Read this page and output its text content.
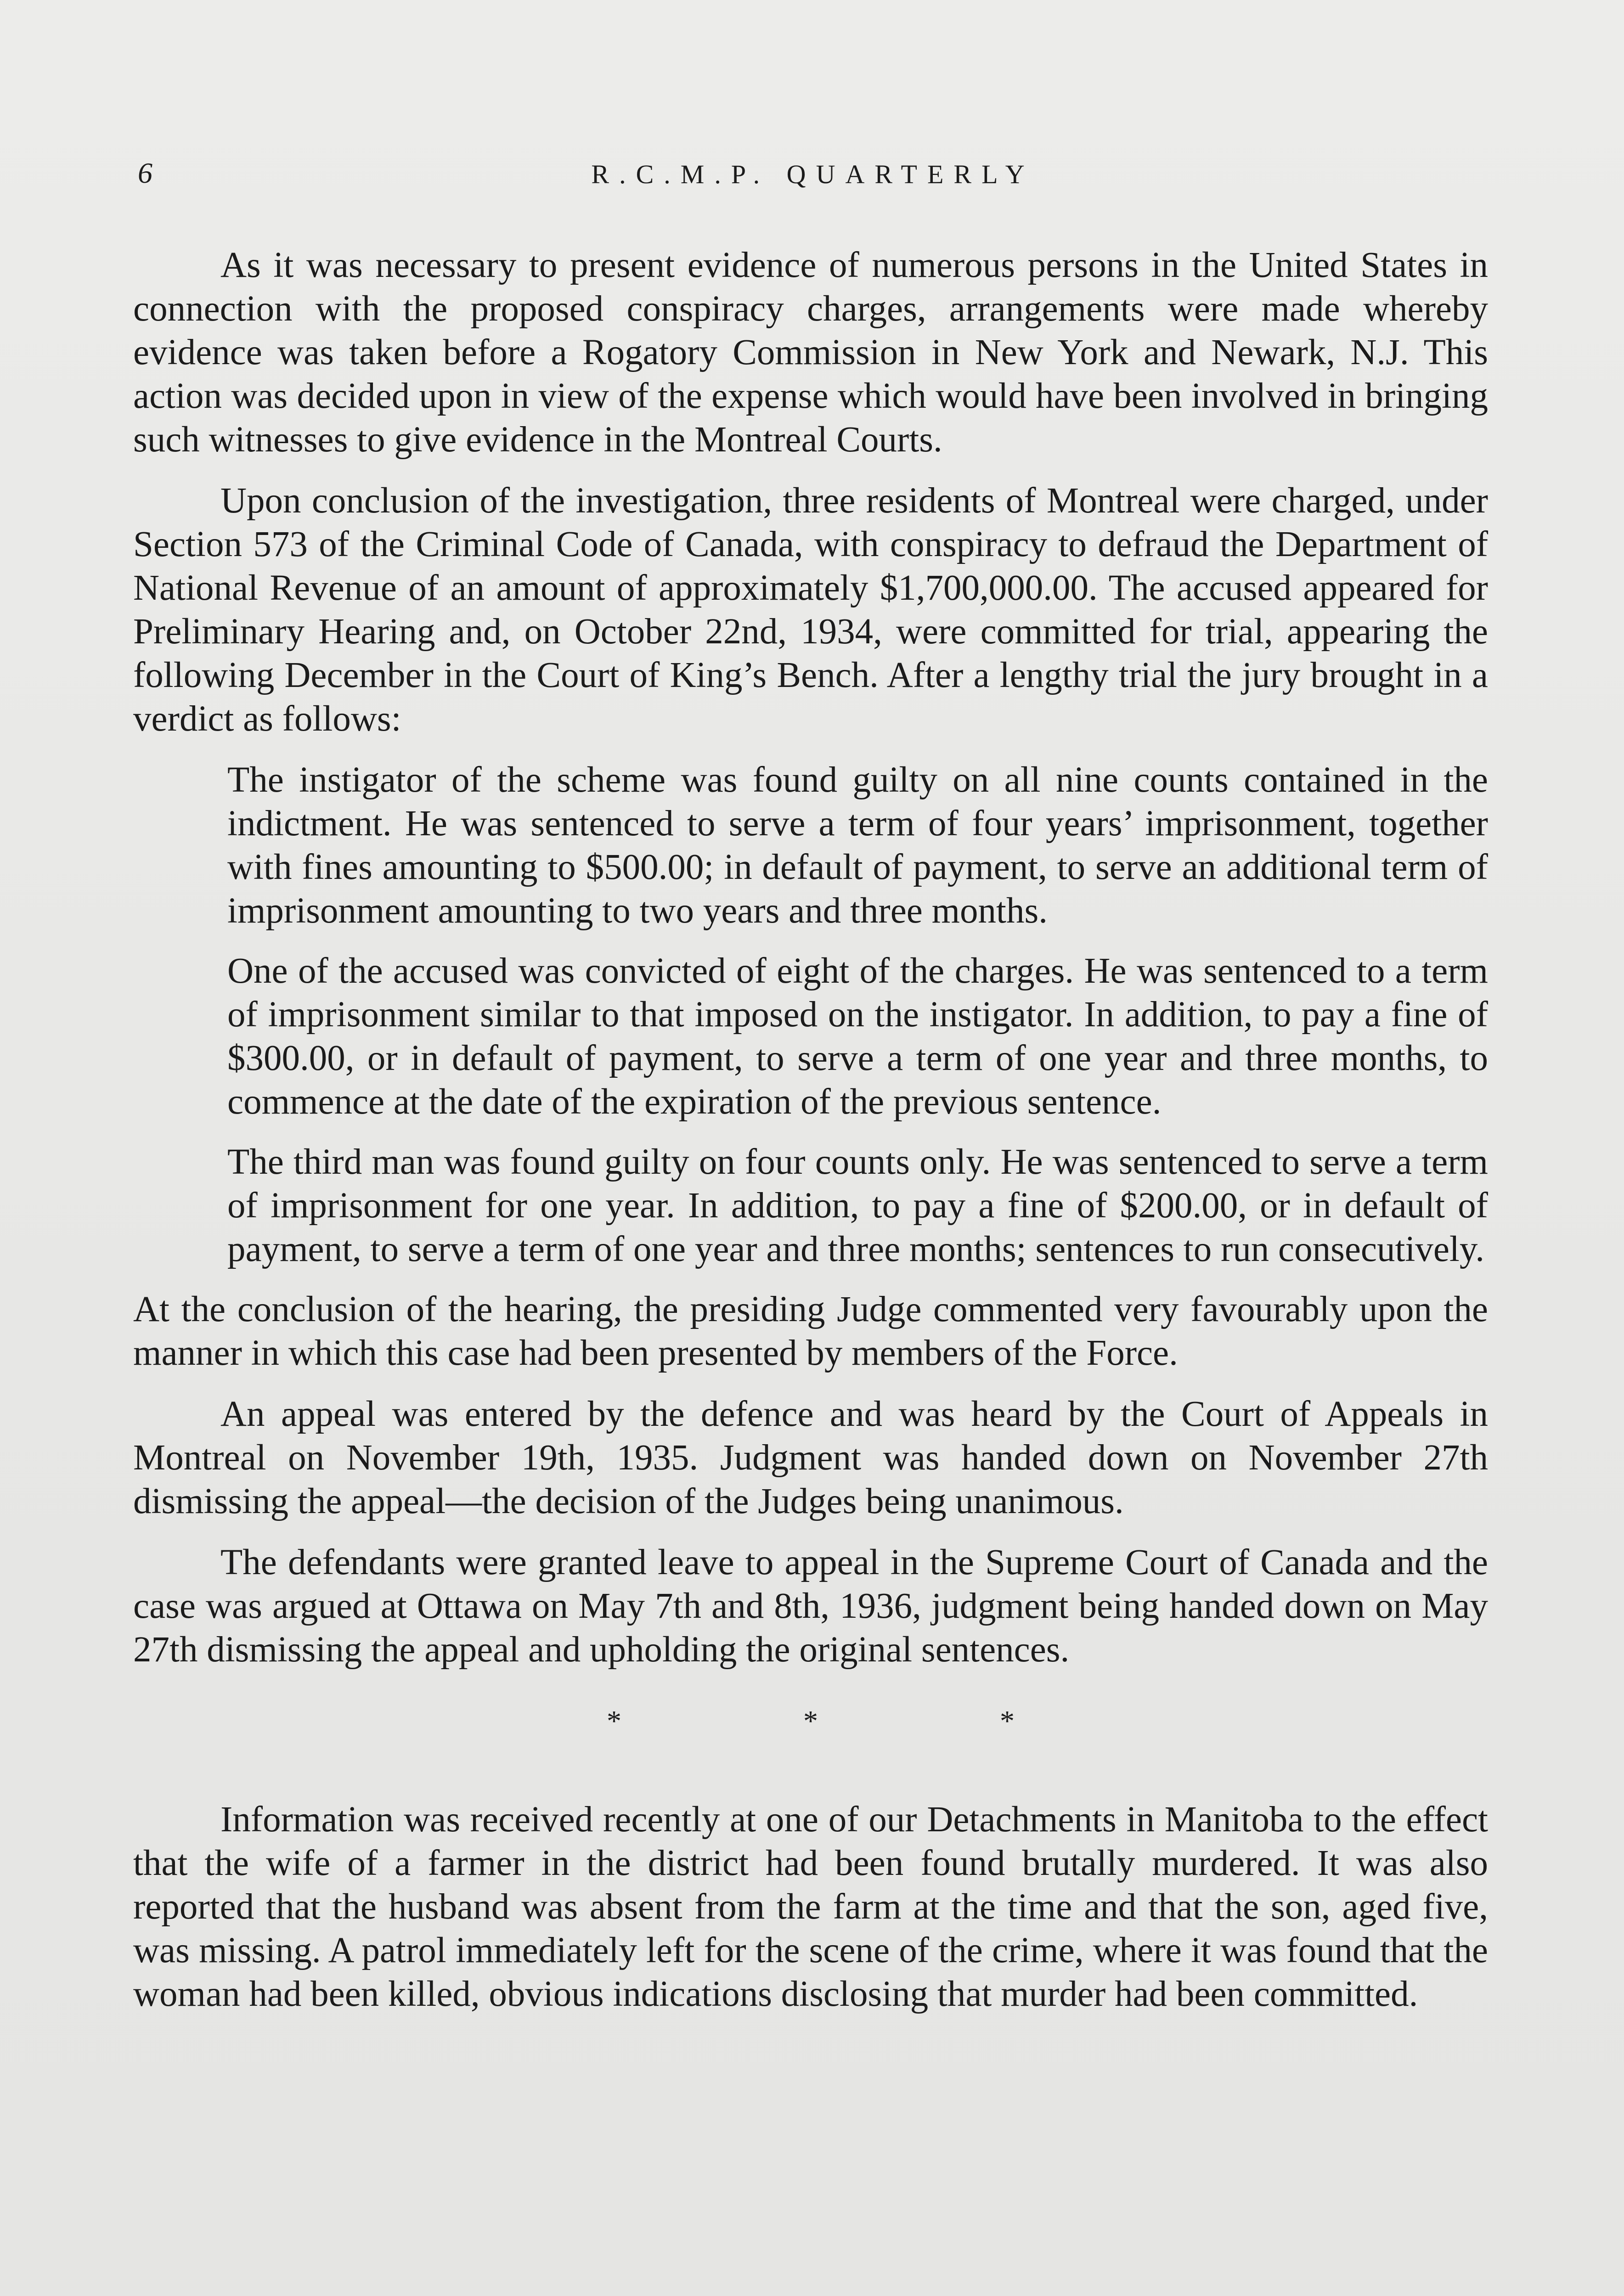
6	R.C.M.P. QUARTERLY

As it was necessary to present evidence of numerous persons in the United States in connection with the proposed conspiracy charges, arrangements were made whereby evidence was taken before a Rogatory Commission in New York and Newark, N.J. This action was decided upon in view of the expense which would have been involved in bringing such witnesses to give evidence in the Montreal Courts.

Upon conclusion of the investigation, three residents of Montreal were charged, under Section 573 of the Criminal Code of Canada, with conspiracy to defraud the Department of National Revenue of an amount of approximately $1,700,000.00. The accused appeared for Preliminary Hearing and, on October 22nd, 1934, were committed for trial, appearing the following December in the Court of King’s Bench. After a lengthy trial the jury brought in a verdict as follows:

The instigator of the scheme was found guilty on all nine counts contained in the indictment. He was sentenced to serve a term of four years’ imprisonment, together with fines amounting to $500.00; in default of payment, to serve an additional term of imprisonment amounting to two years and three months.

One of the accused was convicted of eight of the charges. He was sentenced to a term of imprisonment similar to that imposed on the instigator. In addition, to pay a fine of $300.00, or in default of payment, to serve a term of one year and three months, to commence at the date of the expiration of the previous sentence.

The third man was found guilty on four counts only. He was sentenced to serve a term of imprisonment for one year. In addition, to pay a fine of $200.00, or in default of payment, to serve a term of one year and three months; sentences to run consecutively.

At the conclusion of the hearing, the presiding Judge commented very favourably upon the manner in which this case had been presented by members of the Force.

An appeal was entered by the defence and was heard by the Court of Appeals in Montreal on November 19th, 1935. Judgment was handed down on November 27th dismissing the appeal—the decision of the Judges being unanimous.

The defendants were granted leave to appeal in the Supreme Court of Canada and the case was argued at Ottawa on May 7th and 8th, 1936, judgment being handed down on May 27th dismissing the appeal and upholding the original sentences.

* * *

Information was received recently at one of our Detachments in Manitoba to the effect that the wife of a farmer in the district had been found brutally murdered. It was also reported that the husband was absent from the farm at the time and that the son, aged five, was missing. A patrol immediately left for the scene of the crime, where it was found that the woman had been killed, obvious indications disclosing that murder had been committed.
